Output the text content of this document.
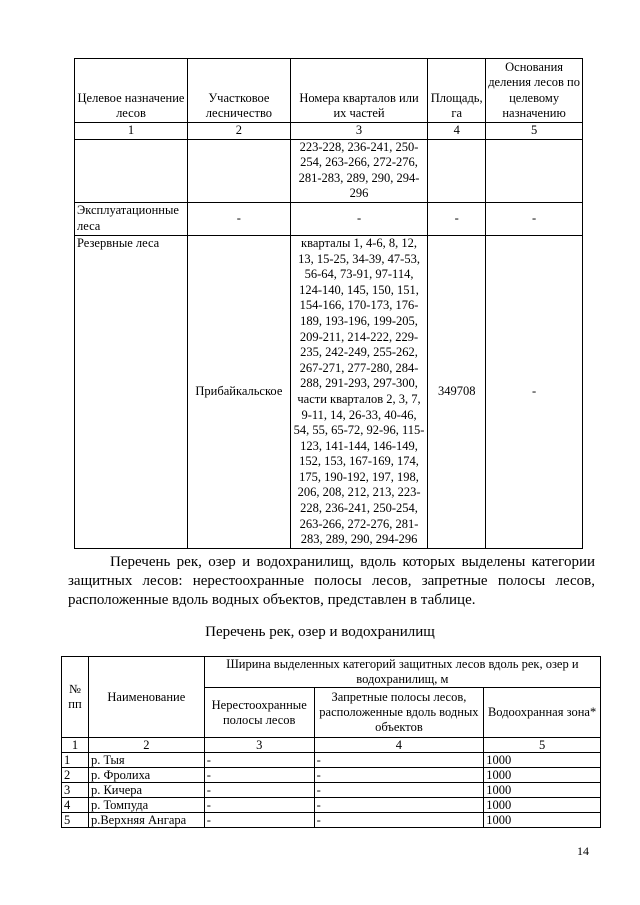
Целевое назначение лесов	Участковое лесничество	Номера кварталов или их частей	Площадь, га	Основания деления лесов по целевому назначению
1	2	3	4	5
		223-228, 236-241, 250-254, 263-266, 272-276, 281-283, 289, 290, 294-296		
Эксплуатационные леса	-	-	-	-
Резервные леса	Прибайкальское	кварталы 1, 4-6, 8, 12, 13, 15-25, 34-39, 47-53, 56-64, 73-91, 97-114, 124-140, 145, 150, 151, 154-166, 170-173, 176-189, 193-196, 199-205, 209-211, 214-222, 229-235, 242-249, 255-262, 267-271, 277-280, 284-288, 291-293, 297-300, части кварталов 2, 3, 7, 9-11, 14, 26-33, 40-46, 54, 55, 65-72, 92-96, 115-123, 141-144, 146-149, 152, 153, 167-169, 174, 175, 190-192, 197, 198, 206, 208, 212, 213, 223-228, 236-241, 250-254, 263-266, 272-276, 281-283, 289, 290, 294-296	349708	-
Перечень рек, озер и водохранилищ, вдоль которых выделены категории защитных лесов: нерестоохранные полосы лесов, запретные полосы лесов, расположенные вдоль водных объектов, представлен в таблице.
Перечень рек, озер и водохранилищ
№ пп	Наименование	Ширина выделенных категорий защитных лесов вдоль рек, озер и водохранилищ, м		
		Нерестоохранные полосы лесов	Запретные полосы лесов, расположенные вдоль водных объектов	Водоохранная зона*
1	2	3	4	5
1	р. Тыя	-	-	1000
2	р. Фролиха	-	-	1000
3	р. Кичера	-	-	1000
4	р. Томпуда	-	-	1000
5	р.Верхняя Ангара	-	-	1000
14
